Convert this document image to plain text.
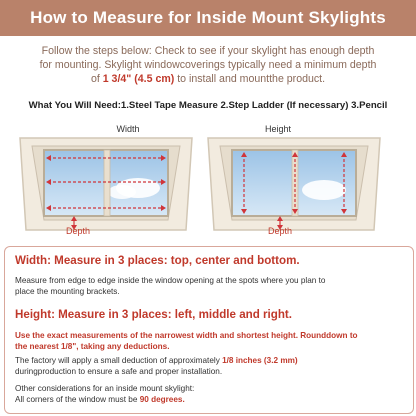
How to Measure for Inside Mount Skylights
Follow the steps below: Check to see if your skylight has enough depth
for mounting. Skylight windowcoverings typically need a minimum depth
of 1 3/4" (4.5 cm) to install and mountthe product.
What You Will Need:1.Steel Tape Measure 2.Step Ladder (If necessary) 3.Pencil
Width	Height
Depth	Depth
Width: Measure in 3 places: top, center and bottom.
Measure from edge to edge inside the window opening at the spots where you plan to
place the mounting brackets.
Height: Measure in 3 places: left, middle and right.
Use the exact measurements of the narrowest width and shortest height. Rounddown to
the nearest 1/8", taking any deductions.
The factory will apply a small deduction of approximately 1/8 inches (3.2 mm)
duringproduction to ensure a safe and proper installation.
Other considerations for an inside mount skylight:
All corners of the window must be 90 degrees.
